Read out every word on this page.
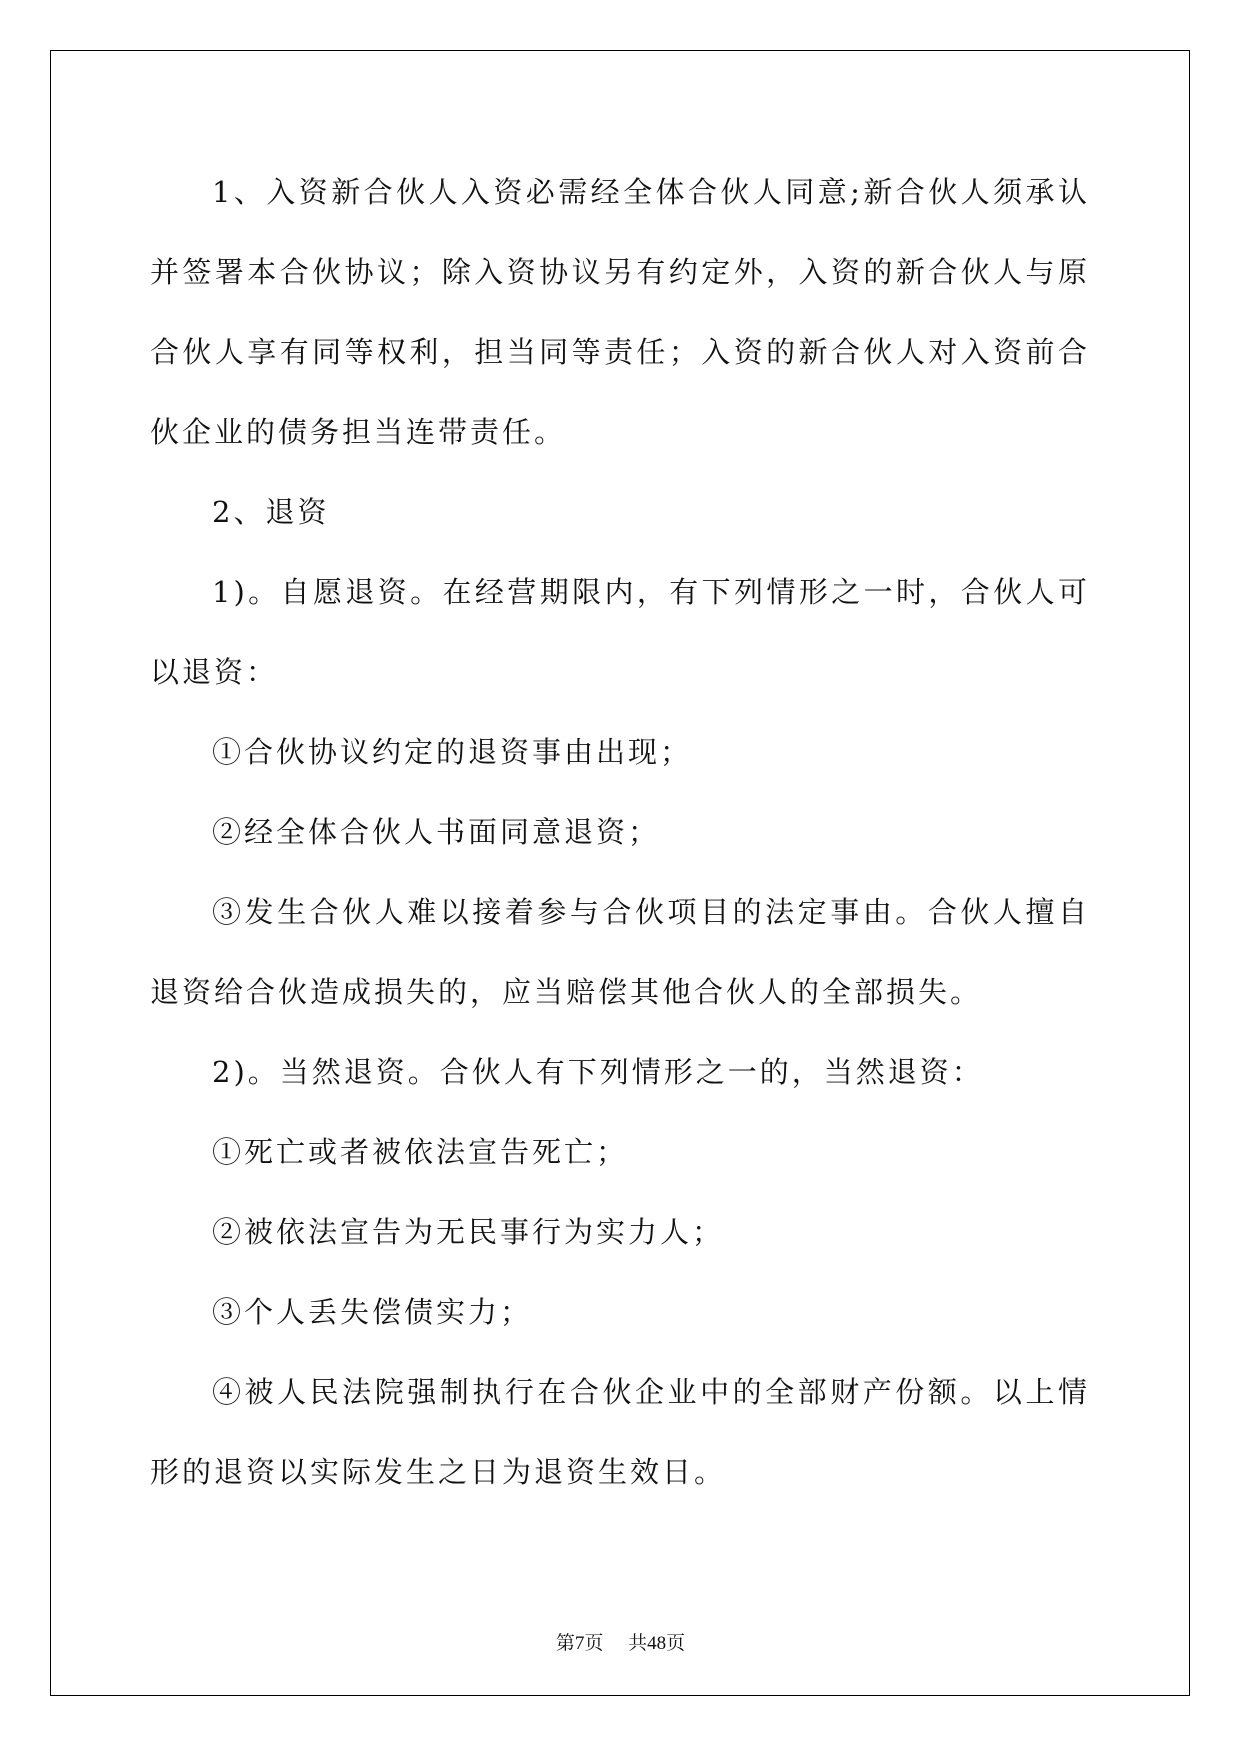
1、入资新合伙人入资必需经全体合伙人同意;新合伙人须承认并签署本合伙协议；除入资协议另有约定外，入资的新合伙人与原合伙人享有同等权利，担当同等责任；入资的新合伙人对入资前合伙企业的债务担当连带责任。

2、退资

1)。自愿退资。在经营期限内，有下列情形之一时，合伙人可以退资：

①合伙协议约定的退资事由出现；

②经全体合伙人书面同意退资；

③发生合伙人难以接着参与合伙项目的法定事由。合伙人擅自退资给合伙造成损失的，应当赔偿其他合伙人的全部损失。

2)。当然退资。合伙人有下列情形之一的，当然退资：

①死亡或者被依法宣告死亡；

②被依法宣告为无民事行为实力人；

③个人丢失偿债实力；

④被人民法院强制执行在合伙企业中的全部财产份额。以上情形的退资以实际发生之日为退资生效日。

第7页 共48页
